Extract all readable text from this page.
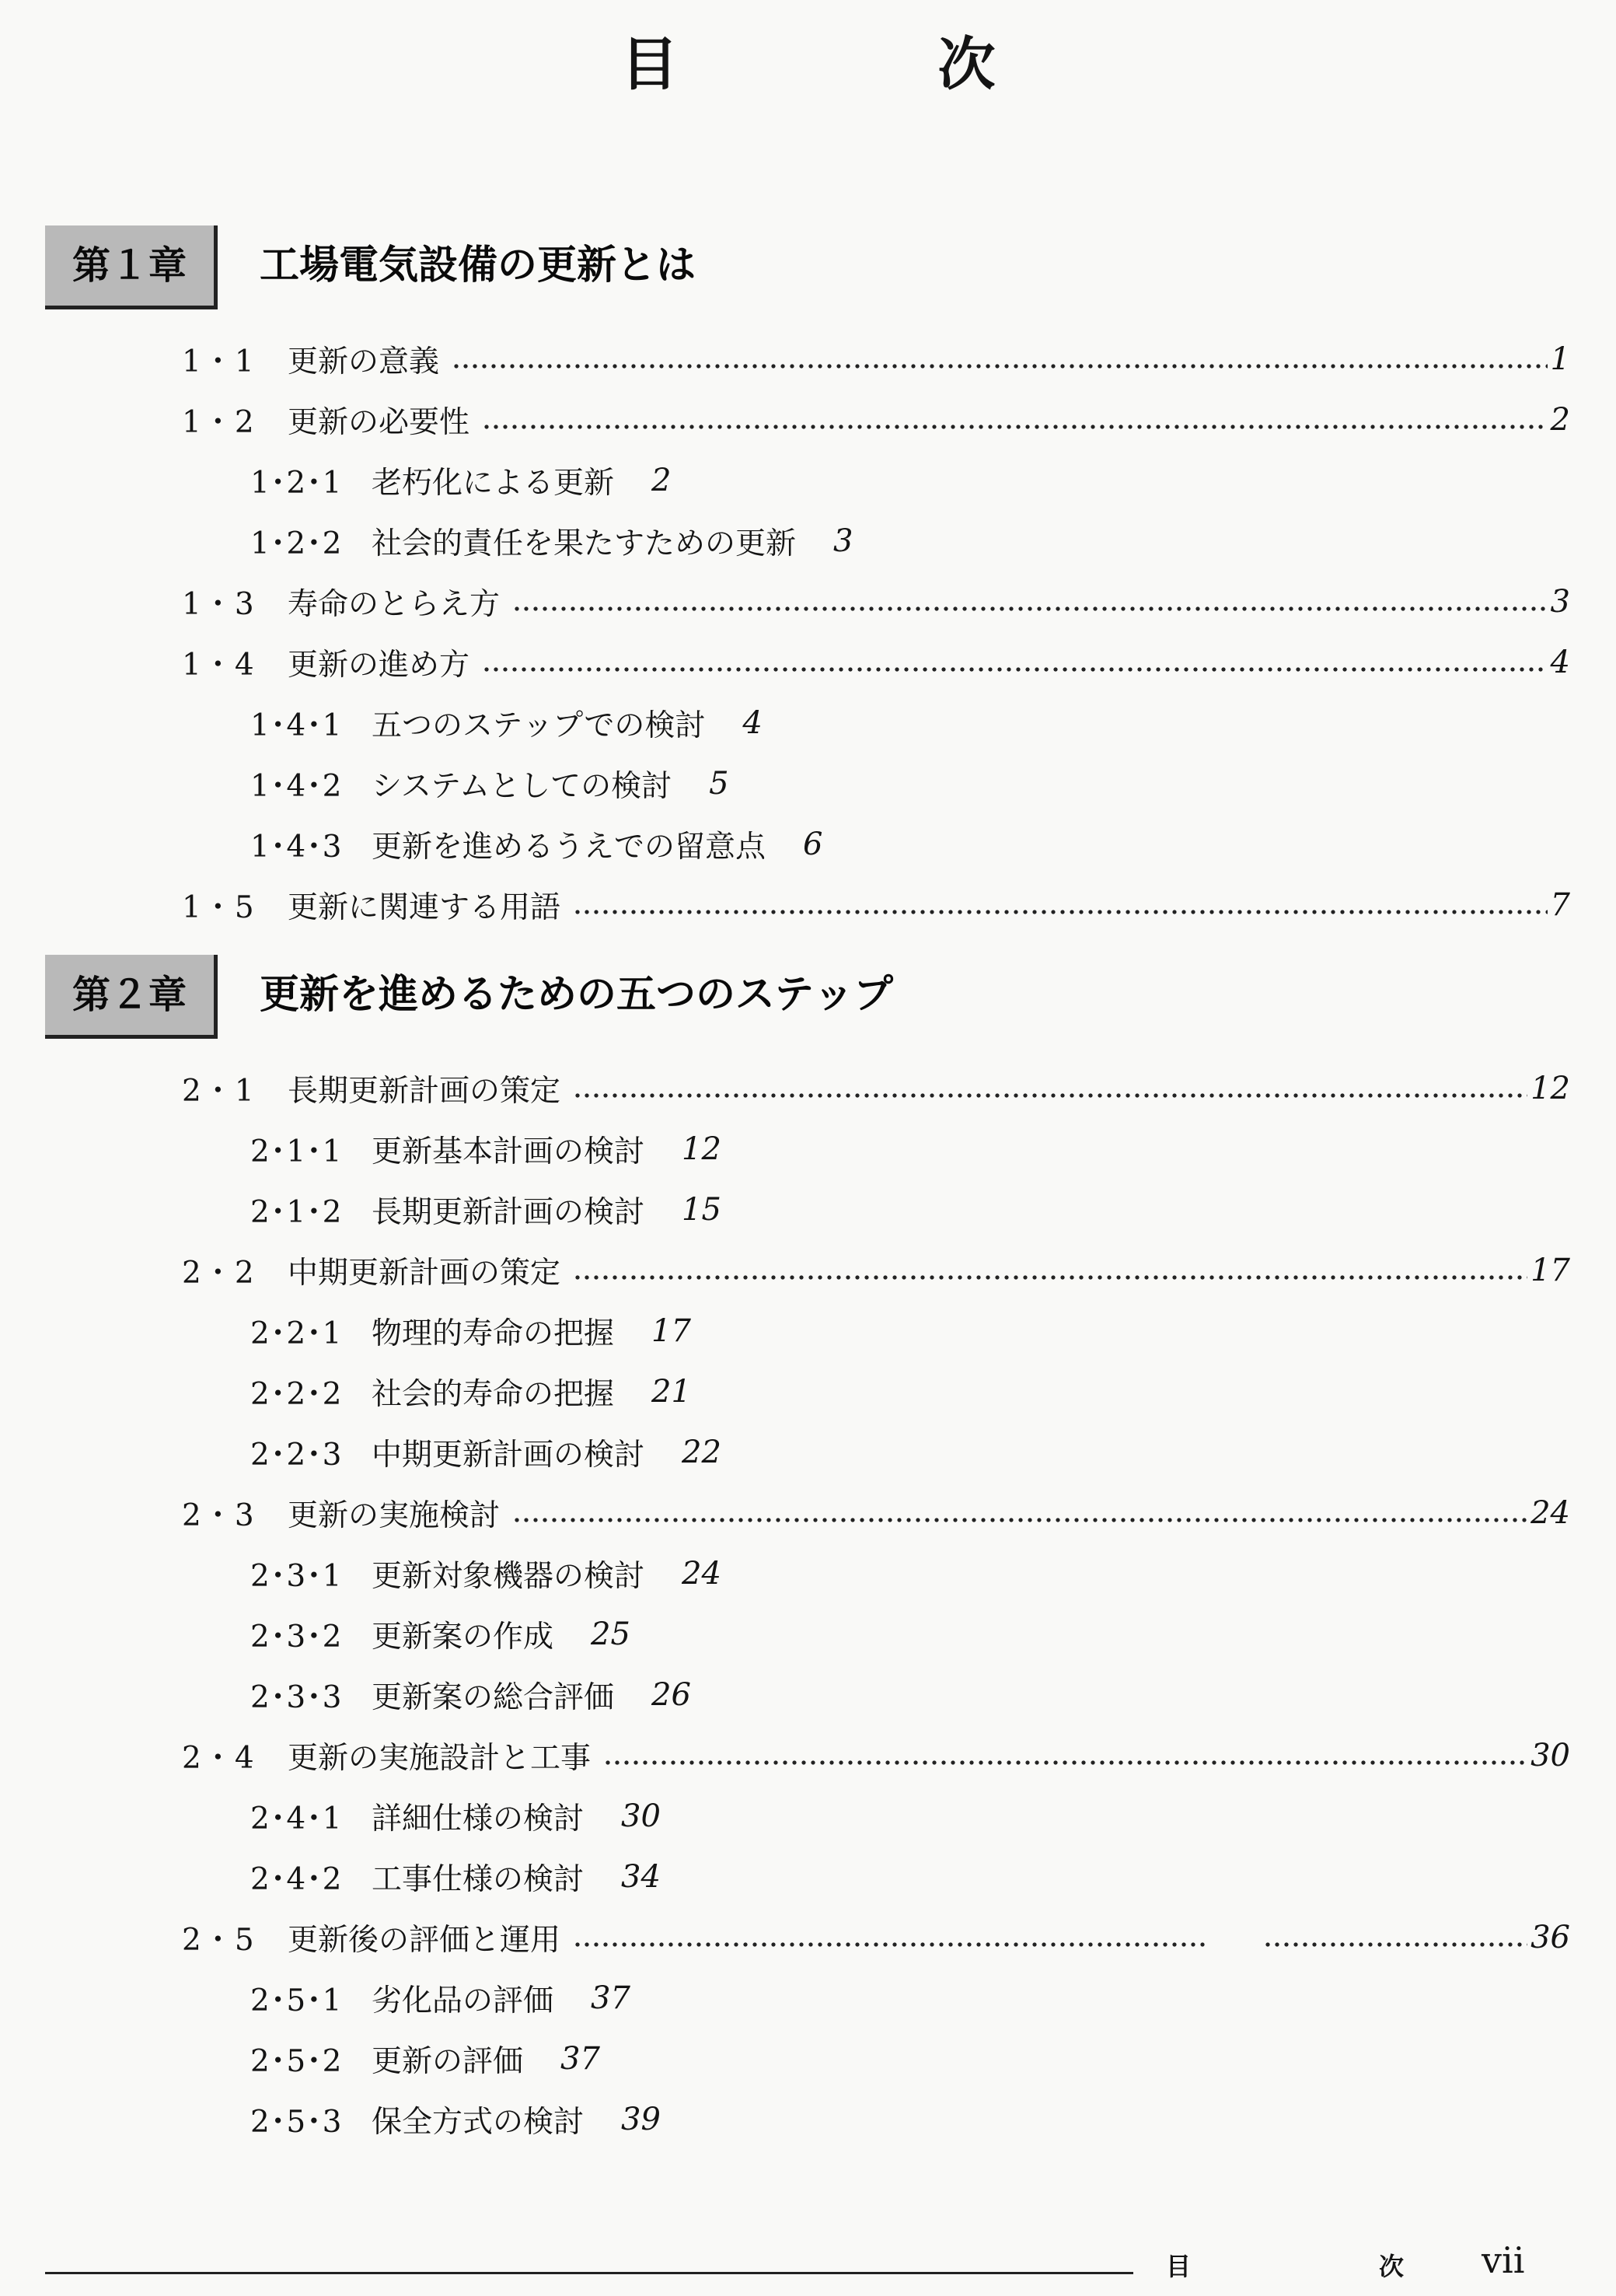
目　次
第１章	工場電気設備の更新とは
1・1	更新の意義	1
1・2	更新の必要性	2
1･2･1 老朽化による更新 2
1･2･2 社会的責任を果たすための更新 3
1・3	寿命のとらえ方	3
1・4	更新の進め方	4
1･4･1 五つのステップでの検討 4
1･4･2 システムとしての検討 5
1･4･3 更新を進めるうえでの留意点 6
1・5	更新に関連する用語	7
第２章	更新を進めるための五つのステップ
2・1	長期更新計画の策定	12
2･1･1 更新基本計画の検討 12
2･1･2 長期更新計画の検討 15
2・2	中期更新計画の策定	17
2･2･1 物理的寿命の把握 17
2･2･2 社会的寿命の把握 21
2･2･3 中期更新計画の検討 22
2・3	更新の実施検討	24
2･3･1 更新対象機器の検討 24
2･3･2 更新案の作成 25
2･3･3 更新案の総合評価 26
2・4	更新の実施設計と工事	30
2･4･1 詳細仕様の検討 30
2･4･2 工事仕様の検討 34
2・5	更新後の評価と運用	36
2･5･1 劣化品の評価 37
2･5･2 更新の評価 37
2･5･3 保全方式の検討 39
目	次 vii
